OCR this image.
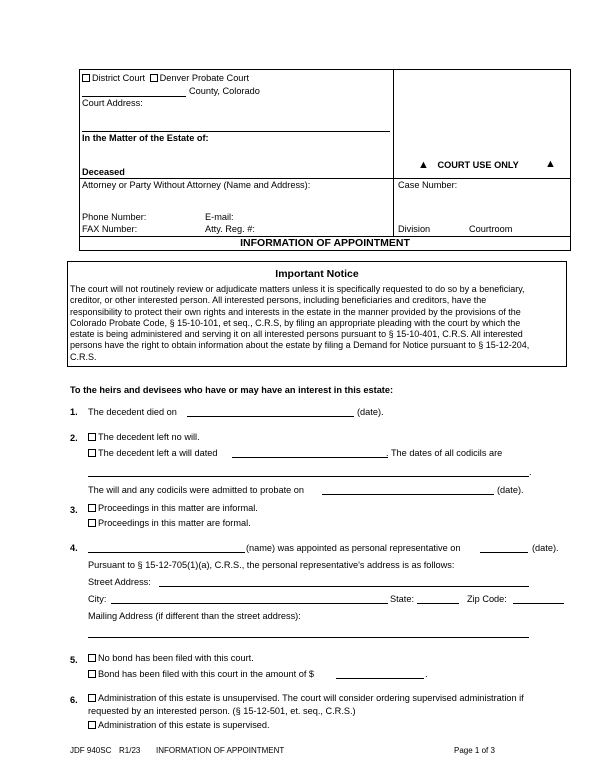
District Court Denver Probate Court
County, Colorado
Court Address:
In the Matter of the Estate of:
Deceased
▲ COURT USE ONLY	▲
Attorney or Party Without Attorney (Name and Address):	Case Number:
Phone Number:	E-mail:
FAX Number:	Atty. Reg. #:	Division	Courtroom
INFORMATION OF APPOINTMENT
Important Notice
The court will not routinely review or adjudicate matters unless it is specifically requested to do so by a beneficiary,
creditor, or other interested person. All interested persons, including beneficiaries and creditors, have the
responsibility to protect their own rights and interests in the estate in the manner provided by the provisions of the
Colorado Probate Code, § 15-10-101, et seq., C.R.S, by filing an appropriate pleading with the court by which the
estate is being administered and serving it on all interested persons pursuant to § 15-10-401, C.R.S. All interested
persons have the right to obtain information about the estate by filing a Demand for Notice pursuant to § 15-12-204,
C.R.S.
To the heirs and devisees who have or may have an interest in this estate:
1. The decedent died on	(date).
2.	The decedent left no will.
The decedent left a will dated	. The dates of all codicils are
.
The will and any codicils were admitted to probate on	(date).
3.	Proceedings in this matter are informal.
Proceedings in this matter are formal.
4.	(name) was appointed as personal representative on	(date).
Pursuant to § 15-12-705(1)(a), C.R.S., the personal representative's address is as follows:
Street Address:
City:	State:	Zip Code:
Mailing Address (if different than the street address):
5.	No bond has been filed with this court.
Bond has been filed with this court in the amount of $	.
6.	Administration of this estate is unsupervised. The court will consider ordering supervised administration if
requested by an interested person. (§ 15-12-501, et. seq., C.R.S.)
Administration of this estate is supervised.
JDF 940SC R1/23 INFORMATION OF APPOINTMENT	Page 1 of 3
